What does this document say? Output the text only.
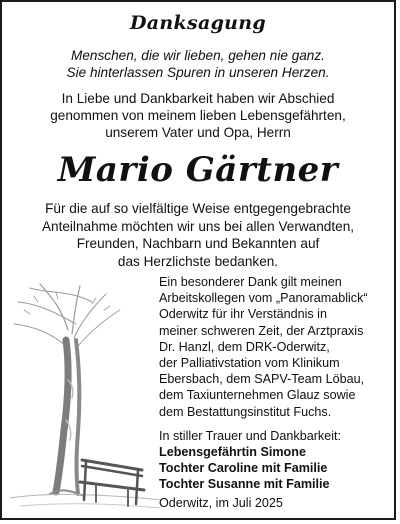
Danksagung
Menschen, die wir lieben, gehen nie ganz.
Sie hinterlassen Spuren in unseren Herzen.
In Liebe und Dankbarkeit haben wir Abschied
genommen von meinem lieben Lebensgefährten,
unserem Vater und Opa, Herrn
Mario Gärtner
Für die auf so vielfältige Weise entgegengebrachte
Anteilnahme möchten wir uns bei allen Verwandten,
Freunden, Nachbarn und Bekannten auf
das Herzlichste bedanken.
Ein besonderer Dank gilt meinen
Arbeitskollegen vom „Panoramablick“
Oderwitz für ihr Verständnis in
meiner schweren Zeit, der Arztpraxis
Dr. Hanzl, dem DRK-Oderwitz,
der Palliativstation vom Klinikum
Ebersbach, dem SAPV-Team Löbau,
dem Taxiunternehmen Glauz sowie
dem Bestattungsinstitut Fuchs.
In stiller Trauer und Dankbarkeit:
Lebensgefährtin Simone
Tochter Caroline mit Familie
Tochter Susanne mit Familie
Oderwitz, im Juli 2025
